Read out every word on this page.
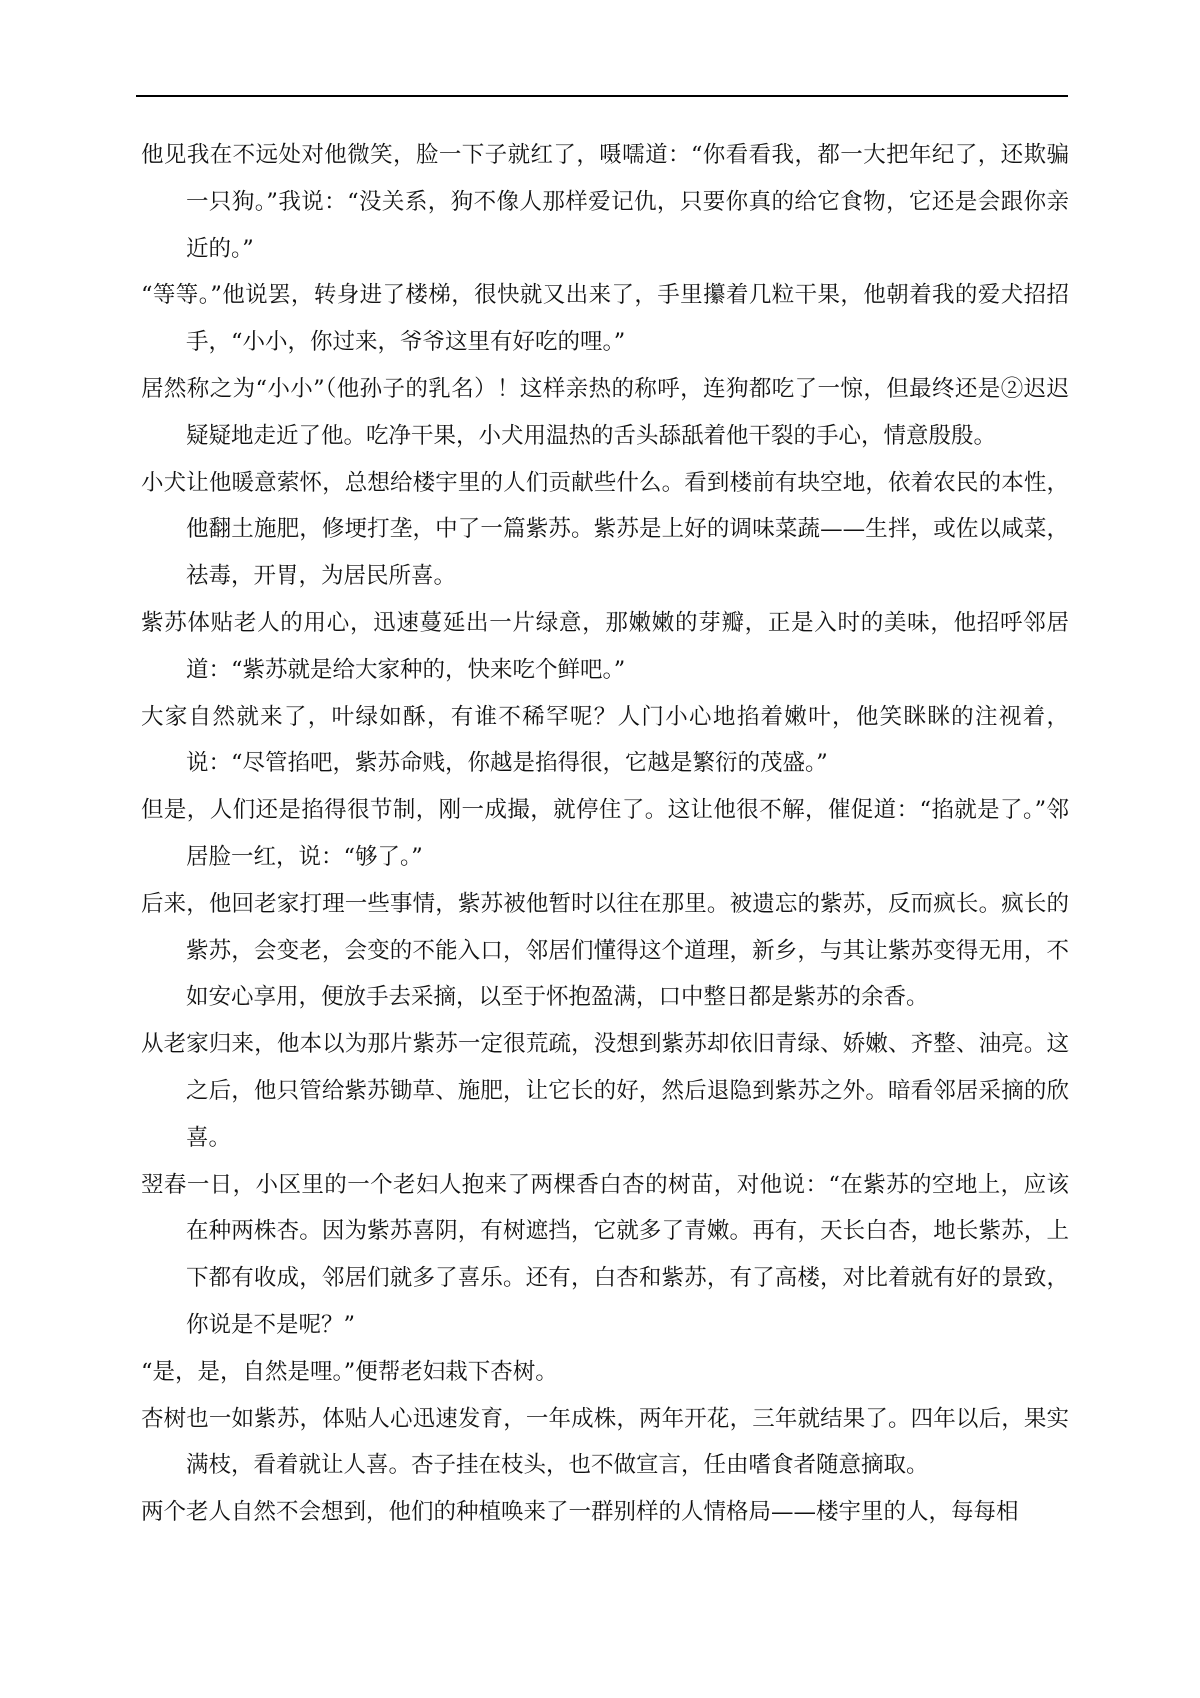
他见我在不远处对他微笑，脸一下子就红了，嗫嚅道：“你看看我，都一大把年纪了，还欺骗一只狗。”我说：“没关系，狗不像人那样爱记仇，只要你真的给它食物，它还是会跟你亲近的。”

“等等。”他说罢，转身进了楼梯，很快就又出来了，手里攥着几粒干果，他朝着我的爱犬招招手，“小小，你过来，爷爷这里有好吃的哩。”

居然称之为“小小”（他孙子的乳名）！这样亲热的称呼，连狗都吃了一惊，但最终还是②迟迟疑疑地走近了他。吃净干果，小犬用温热的舌头舔舐着他干裂的手心，情意殷殷。

小犬让他暖意萦怀，总想给楼宇里的人们贡献些什么。看到楼前有块空地，依着农民的本性，他翻土施肥，修埂打垄，中了一篇紫苏。紫苏是上好的调味菜蔬——生拌，或佐以咸菜，祛毒，开胃，为居民所喜。

紫苏体贴老人的用心，迅速蔓延出一片绿意，那嫩嫩的芽瓣，正是入时的美味，他招呼邻居道：“紫苏就是给大家种的，快来吃个鲜吧。”

大家自然就来了，叶绿如酥，有谁不稀罕呢？人门小心地掐着嫩叶，他笑眯眯的注视着，说：“尽管掐吧，紫苏命贱，你越是掐得很，它越是繁衍的茂盛。”

但是，人们还是掐得很节制，刚一成撮，就停住了。这让他很不解，催促道：“掐就是了。”邻居脸一红，说：“够了。”

后来，他回老家打理一些事情，紫苏被他暂时以往在那里。被遗忘的紫苏，反而疯长。疯长的紫苏，会变老，会变的不能入口，邻居们懂得这个道理，新乡，与其让紫苏变得无用，不如安心享用，便放手去采摘，以至于怀抱盈满，口中整日都是紫苏的余香。

从老家归来，他本以为那片紫苏一定很荒疏，没想到紫苏却依旧青绿、娇嫩、齐整、油亮。这之后，他只管给紫苏锄草、施肥，让它长的好，然后退隐到紫苏之外。暗看邻居采摘的欣喜。

翌春一日，小区里的一个老妇人抱来了两棵香白杏的树苗，对他说：“在紫苏的空地上，应该在种两株杏。因为紫苏喜阴，有树遮挡，它就多了青嫩。再有，天长白杏，地长紫苏，上下都有收成，邻居们就多了喜乐。还有，白杏和紫苏，有了高楼，对比着就有好的景致，你说是不是呢？”

“是，是，自然是哩。”便帮老妇栽下杏树。

杏树也一如紫苏，体贴人心迅速发育，一年成株，两年开花，三年就结果了。四年以后，果实满枝，看着就让人喜。杏子挂在枝头，也不做宣言，任由嗜食者随意摘取。

两个老人自然不会想到，他们的种植唤来了一群别样的人情格局——楼宇里的人，每每相
